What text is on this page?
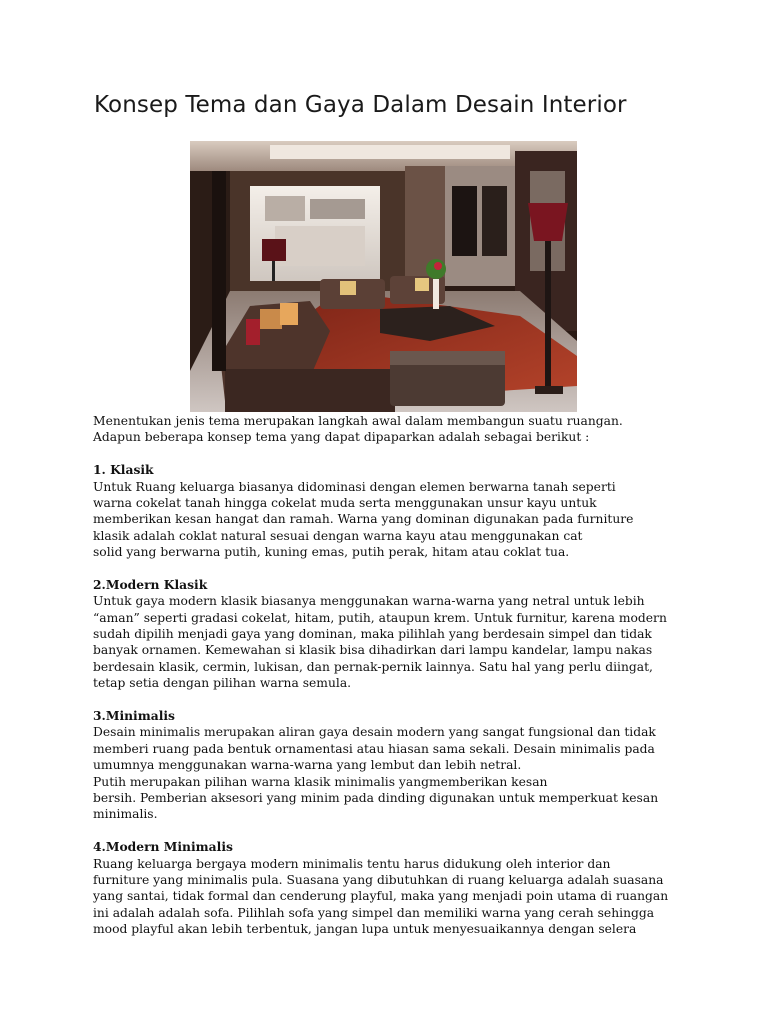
Konsep Tema dan Gaya Dalam Desain Interior
Menentukan jenis tema merupakan langkah awal dalam membangun suatu ruangan.
Adapun beberapa konsep tema yang dapat dipaparkan adalah sebagai berikut :
1. Klasik
Untuk Ruang keluarga biasanya didominasi dengan elemen berwarna tanah seperti
warna cokelat tanah hingga cokelat muda serta menggunakan unsur kayu untuk
memberikan kesan hangat dan ramah. Warna yang dominan digunakan pada furniture
klasik adalah coklat natural sesuai dengan warna kayu atau menggunakan cat
solid yang berwarna putih, kuning emas, putih perak, hitam atau coklat tua.
2.Modern Klasik
Untuk gaya modern klasik biasanya menggunakan warna-warna yang netral untuk lebih
“aman” seperti gradasi cokelat, hitam, putih, ataupun krem. Untuk furnitur, karena modern
sudah dipilih menjadi gaya yang dominan, maka pilihlah yang berdesain simpel dan tidak
banyak ornamen. Kemewahan si klasik bisa dihadirkan dari lampu kandelar, lampu nakas
berdesain klasik, cermin, lukisan, dan pernak-pernik lainnya. Satu hal yang perlu diingat,
tetap setia dengan pilihan warna semula.
3.Minimalis
Desain minimalis merupakan aliran gaya desain modern yang sangat fungsional dan tidak
memberi ruang pada bentuk ornamentasi atau hiasan sama sekali. Desain minimalis pada
umumnya menggunakan warna-warna yang lembut dan lebih netral.
Putih merupakan pilihan warna klasik minimalis yangmemberikan kesan
bersih. Pemberian aksesori yang minim pada dinding digunakan untuk memperkuat kesan
minimalis.
4.Modern Minimalis
Ruang keluarga bergaya modern minimalis tentu harus didukung oleh interior dan
furniture yang minimalis pula. Suasana yang dibutuhkan di ruang keluarga adalah suasana
yang santai, tidak formal dan cenderung playful, maka yang menjadi poin utama di ruangan
ini adalah adalah sofa. Pilihlah sofa yang simpel dan memiliki warna yang cerah sehingga
mood playful akan lebih terbentuk, jangan lupa untuk menyesuaikannya dengan selera
